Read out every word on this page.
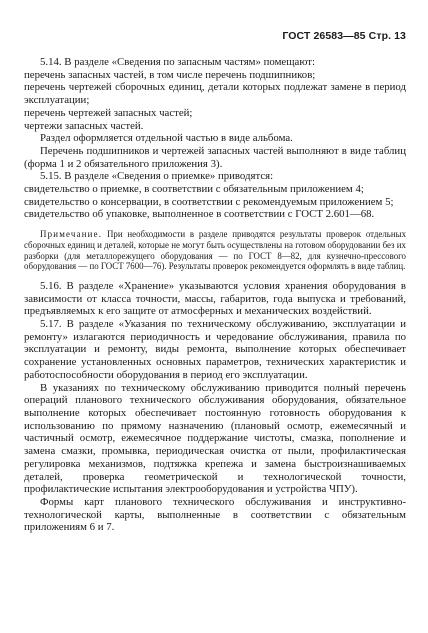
ГОСТ 26583—85 Стр. 13

5.14. В разделе «Сведения по запасным частям» помещают:

перечень запасных частей, в том числе перечень подшипников;

перечень чертежей сборочных единиц, детали которых подлежат замене в период эксплуатации;

перечень чертежей запасных частей;

чертежи запасных частей.

Раздел оформляется отдельной частью в виде альбома.

Перечень подшипников и чертежей запасных частей выполняют в виде таблиц (форма 1 и 2 обязательного приложения 3).

5.15. В разделе «Сведения о приемке» приводятся:

свидетельство о приемке, в соответствии с обязательным приложением 4;

свидетельство о консервации, в соответствии с рекомендуемым приложением 5;

свидетельство об упаковке, выполненное в соответствии с ГОСТ 2.601—68.

Примечание. При необходимости в разделе приводятся результаты проверок отдельных сборочных единиц и деталей, которые не могут быть осуществлены на готовом оборудовании без их разборки (для металлорежущего оборудования — по ГОСТ 8—82, для кузнечно-прессового оборудования — по ГОСТ 7600—76). Результаты проверок рекомендуется оформлять в виде таблиц.

5.16. В разделе «Хранение» указываются условия хранения оборудования в зависимости от класса точности, массы, габаритов, года выпуска и требований, предъявляемых к его защите от атмосферных и механических воздействий.

5.17. В разделе «Указания по техническому обслуживанию, эксплуатации и ремонту» излагаются периодичность и чередование обслуживания, правила по эксплуатации и ремонту, виды ремонта, выполнение которых обеспечивает сохранение установленных основных параметров, технических характеристик и работоспособности оборудования в период его эксплуатации.

В указаниях по техническому обслуживанию приводится полный перечень операций планового технического обслуживания оборудования, обязательное выполнение которых обеспечивает постоянную готовность оборудования к использованию по прямому назначению (плановый осмотр, ежемесячный и частичный осмотр, ежемесячное поддержание чистоты, смазка, пополнение и замена смазки, промывка, периодическая очистка от пыли, профилактическая регулировка механизмов, подтяжка крепежа и замена быстроизнашиваемых деталей, проверка геометрической и технологической точности, профилактические испытания электрооборудования и устройства ЧПУ).

Формы карт планового технического обслуживания и инструктивно-технологической карты, выполненные в соответствии с обязательным приложениям 6 и 7.
